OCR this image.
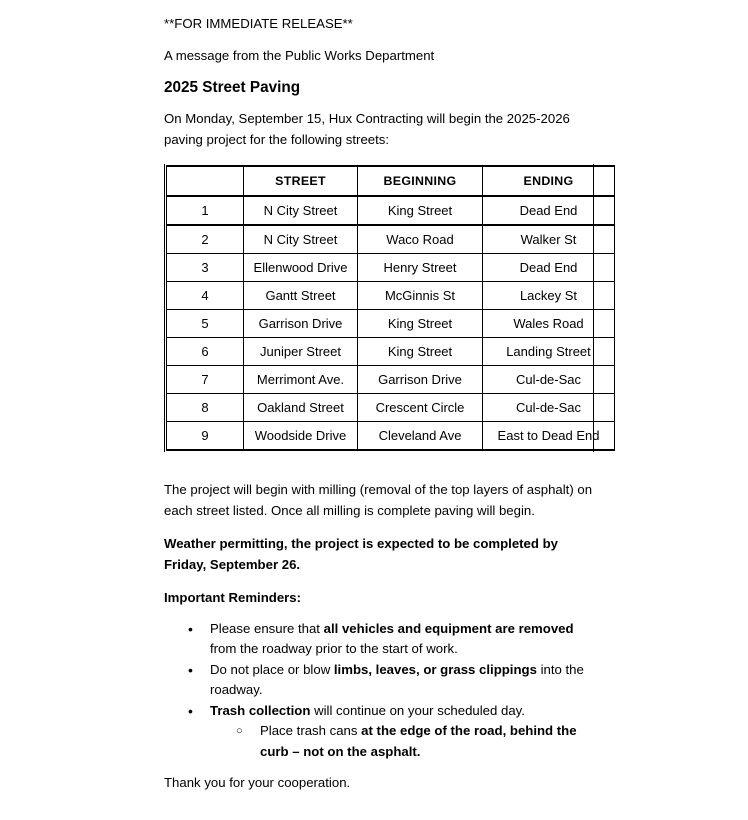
**FOR IMMEDIATE RELEASE**

A message from the Public Works Department

2025 Street Paving

On Monday, September 15, Hux Contracting will begin the 2025-2026 paving project for the following streets:

	STREET	BEGINNING	ENDING
1	N City Street	King Street	Dead End
2	N City Street	Waco Road	Walker St
3	Ellenwood Drive	Henry Street	Dead End
4	Gantt Street	McGinnis St	Lackey St
5	Garrison Drive	King Street	Wales Road
6	Juniper Street	King Street	Landing Street
7	Merrimont Ave.	Garrison Drive	Cul-de-Sac
8	Oakland Street	Crescent Circle	Cul-de-Sac
9	Woodside Drive	Cleveland Ave	East to Dead End

The project will begin with milling (removal of the top layers of asphalt) on each street listed. Once all milling is complete paving will begin.

Weather permitting, the project is expected to be completed by Friday, September 26.

Important Reminders:

• Please ensure that all vehicles and equipment are removed from the roadway prior to the start of work.
• Do not place or blow limbs, leaves, or grass clippings into the roadway.
• Trash collection will continue on your scheduled day.
○ Place trash cans at the edge of the road, behind the curb – not on the asphalt.

Thank you for your cooperation.
